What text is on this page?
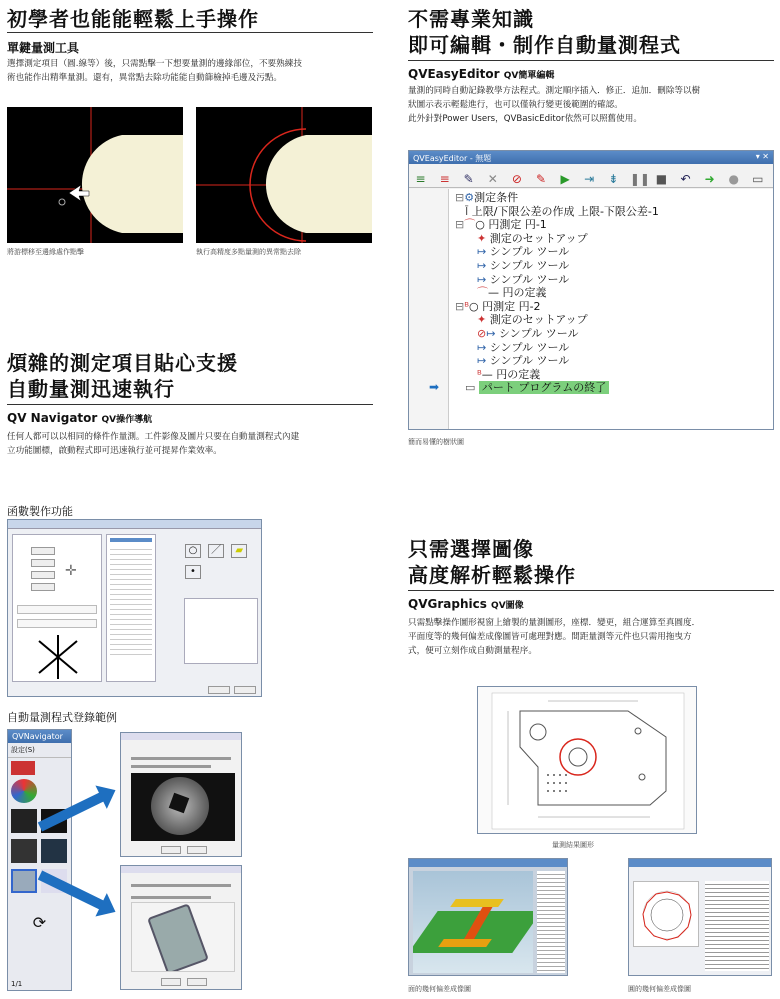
初學者也能能輕鬆上手操作
單鍵量測工具
選擇測定項目（圓.線等）後，只需點擊一下想要量測的邊緣部位，不要熟練技
術也能作出精準量測。還有，異常點去除功能能自動篩檢掉毛邊及污點。
將游標移至邊緣處作點擊	執行高精度多點量測的異常點去除
不需專業知識
即可編輯・制作自動量測程式
QVEasyEditor QV簡單編輯
量測的同時自動記錄教學方法程式。測定順序插入．修正．追加．刪除等以樹
狀圖示表示輕鬆進行，也可以僅執行變更後範圍的確認。
此外針對Power Users，QVBasicEditor依然可以照舊使用。
QVEasyEditor - 無題	▾ ✕
≡ ≡ ✎ ✕ ⊘ ✎ ▶ ⇥ ⇟ ❚❚ ■ ↶ ➜ ● ▭
➡
⊟⚙測定条件
Ī 上限/下限公差の作成 上限-下限公差-1
⊟⌒○ 円測定 円-1
✦ 測定のセットアップ
↦ シンプル ツール
↦ シンプル ツール
↦ シンプル ツール
⌒— 円の定義
⊟ᴮ○ 円測定 円-2
✦ 測定のセットアップ
⊘↦ シンプル ツール
↦ シンプル ツール
↦ シンプル ツール
ᴮ— 円の定義
▭ パート プログラムの終了
簡而易懂的樹狀圖
煩雜的測定項目貼心支援
自動量測迅速執行
QV Navigator QV操作導航
任何人都可以以相同的條件作量測。工件影像及圖片只要在自動量測程式內建
立功能圖標，啟動程式即可迅速執行並可提昇作業效率。
函數製作功能
✛
○ ／ ▰ •
自動量測程式登錄範例
QVNavigator
設定(S)
⟳
1/1
只需選擇圖像
高度解析輕鬆操作
QVGraphics QV圖像
只需點擊操作圖形視窗上繪製的量測圖形，座標．變更，組合運算至真圓度．
平面度等的幾何偏差成像圖皆可處理對應。間距量測等元件也只需用拖曳方
式，便可立刻作成自動測量程序。
量測結果圖形
面的幾何偏差成像圖	圓的幾何偏差成像圖
